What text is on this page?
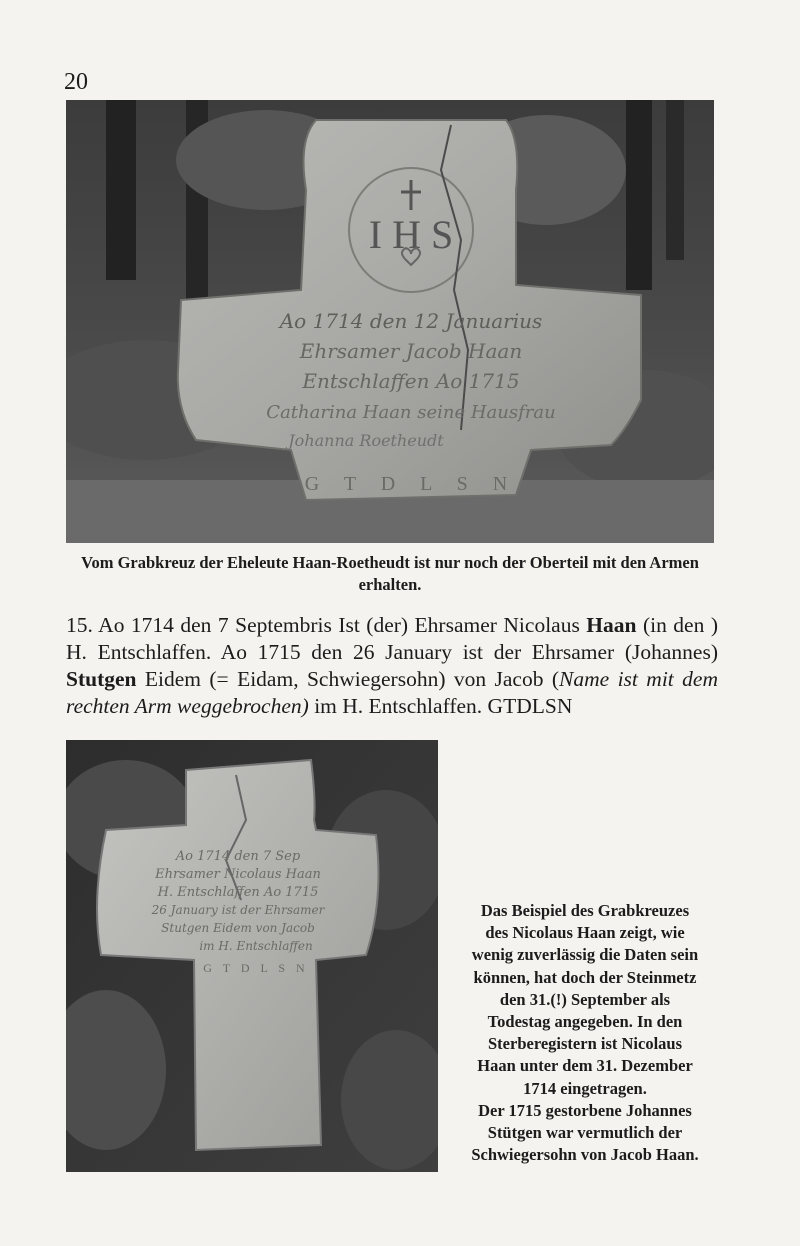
20
I H S
Ao 1714 den 12 Januarius
Ehrsamer Jacob Haan
Entschlaffen Ao 1715
Catharina Haan seine Hausfrau
Johanna Roetheudt
G T D L S N
Vom Grabkreuz der Eheleute Haan-Roetheudt ist nur noch der Oberteil mit den Armen erhalten.
15. Ao 1714 den 7 Septembris Ist (der) Ehrsamer Nicolaus Haan (in den ) H. Entschlaffen. Ao 1715 den 26 January ist der Ehrsamer (Johannes) Stutgen Eidem (= Eidam, Schwiegersohn) von Jacob (Name ist mit dem rechten Arm weggebrochen) im H. Entschlaffen. GTDLSN
Ao 1714 den 7 Sep
Ehrsamer Nicolaus Haan
H. Entschlaffen Ao 1715
26 January ist der Ehrsamer
Stutgen Eidem von Jacob
im H. Entschlaffen
G T D L S N
Das Beispiel des Grabkreuzes
des Nicolaus Haan zeigt, wie
wenig zuverlässig die Daten sein
können, hat doch der Steinmetz
den 31.(!) September als
Todestag angegeben. In den
Sterberegistern ist Nicolaus
Haan unter dem 31. Dezember
1714 eingetragen.
Der 1715 gestorbene Johannes
Stütgen war vermutlich der
Schwiegersohn von Jacob Haan.
